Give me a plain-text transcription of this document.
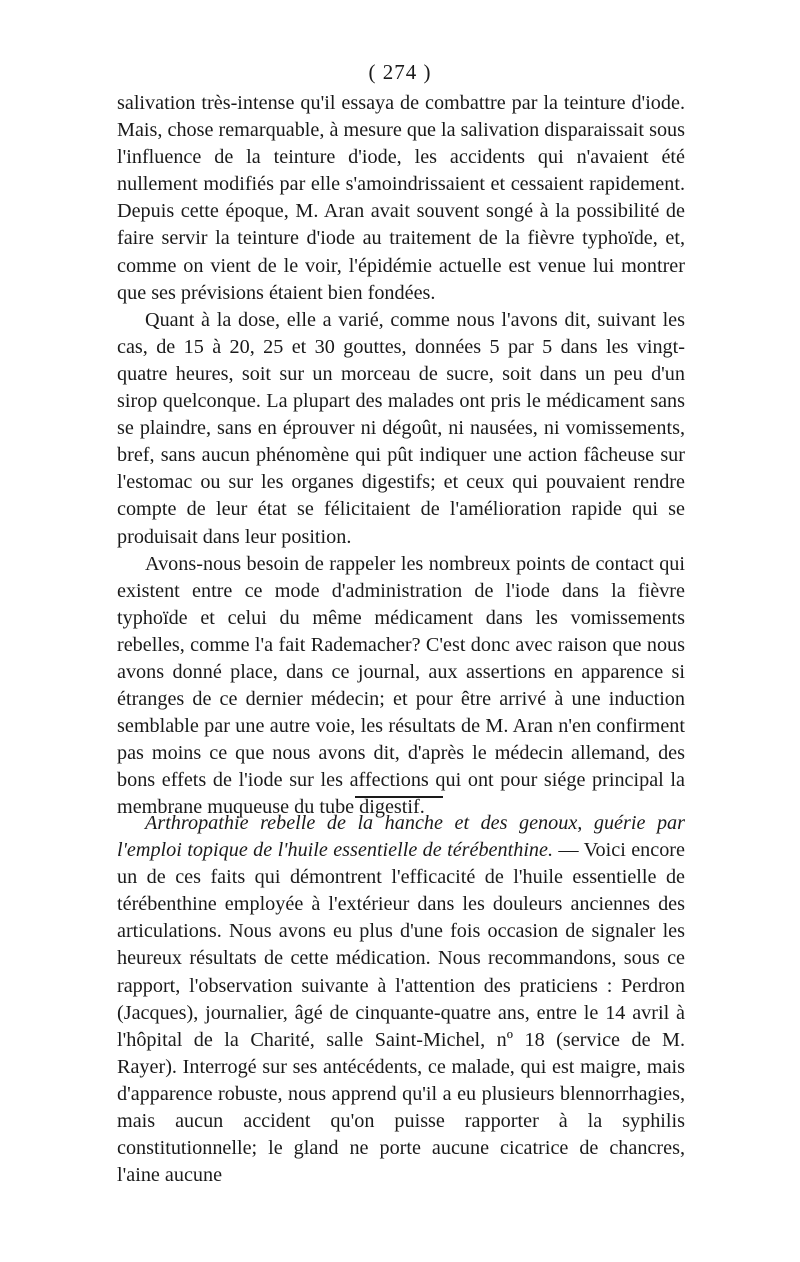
( 274 )

salivation très-intense qu'il essaya de combattre par la teinture d'iode. Mais, chose remarquable, à mesure que la salivation disparaissait sous l'influence de la teinture d'iode, les accidents qui n'avaient été nullement modifiés par elle s'amoindrissaient et cessaient rapidement. Depuis cette époque, M. Aran avait souvent songé à la possibilité de faire servir la teinture d'iode au traitement de la fièvre typhoïde, et, comme on vient de le voir, l'épidémie actuelle est venue lui montrer que ses prévisions étaient bien fondées.

Quant à la dose, elle a varié, comme nous l'avons dit, suivant les cas, de 15 à 20, 25 et 30 gouttes, données 5 par 5 dans les vingt-quatre heures, soit sur un morceau de sucre, soit dans un peu d'un sirop quelconque. La plupart des malades ont pris le médicament sans se plaindre, sans en éprouver ni dégoût, ni nausées, ni vomissements, bref, sans aucun phénomène qui pût indiquer une action fâcheuse sur l'estomac ou sur les organes digestifs; et ceux qui pouvaient rendre compte de leur état se félicitaient de l'amélioration rapide qui se produisait dans leur position.

Avons-nous besoin de rappeler les nombreux points de contact qui existent entre ce mode d'administration de l'iode dans la fièvre typhoïde et celui du même médicament dans les vomissements rebelles, comme l'a fait Rademacher? C'est donc avec raison que nous avons donné place, dans ce journal, aux assertions en apparence si étranges de ce dernier médecin; et pour être arrivé à une induction semblable par une autre voie, les résultats de M. Aran n'en confirment pas moins ce que nous avons dit, d'après le médecin allemand, des bons effets de l'iode sur les affections qui ont pour siége principal la membrane muqueuse du tube digestif.

Arthropathie rebelle de la hanche et des genoux, guérie par l'emploi topique de l'huile essentielle de térébenthine. — Voici encore un de ces faits qui démontrent l'efficacité de l'huile essentielle de térébenthine employée à l'extérieur dans les douleurs anciennes des articulations. Nous avons eu plus d'une fois occasion de signaler les heureux résultats de cette médication. Nous recommandons, sous ce rapport, l'observation suivante à l'attention des praticiens : Perdron (Jacques), journalier, âgé de cinquante-quatre ans, entre le 14 avril à l'hôpital de la Charité, salle Saint-Michel, nº 18 (service de M. Rayer). Interrogé sur ses antécédents, ce malade, qui est maigre, mais d'apparence robuste, nous apprend qu'il a eu plusieurs blennorrhagies, mais aucun accident qu'on puisse rapporter à la syphilis constitutionnelle; le gland ne porte aucune cicatrice de chancres, l'aine aucune
